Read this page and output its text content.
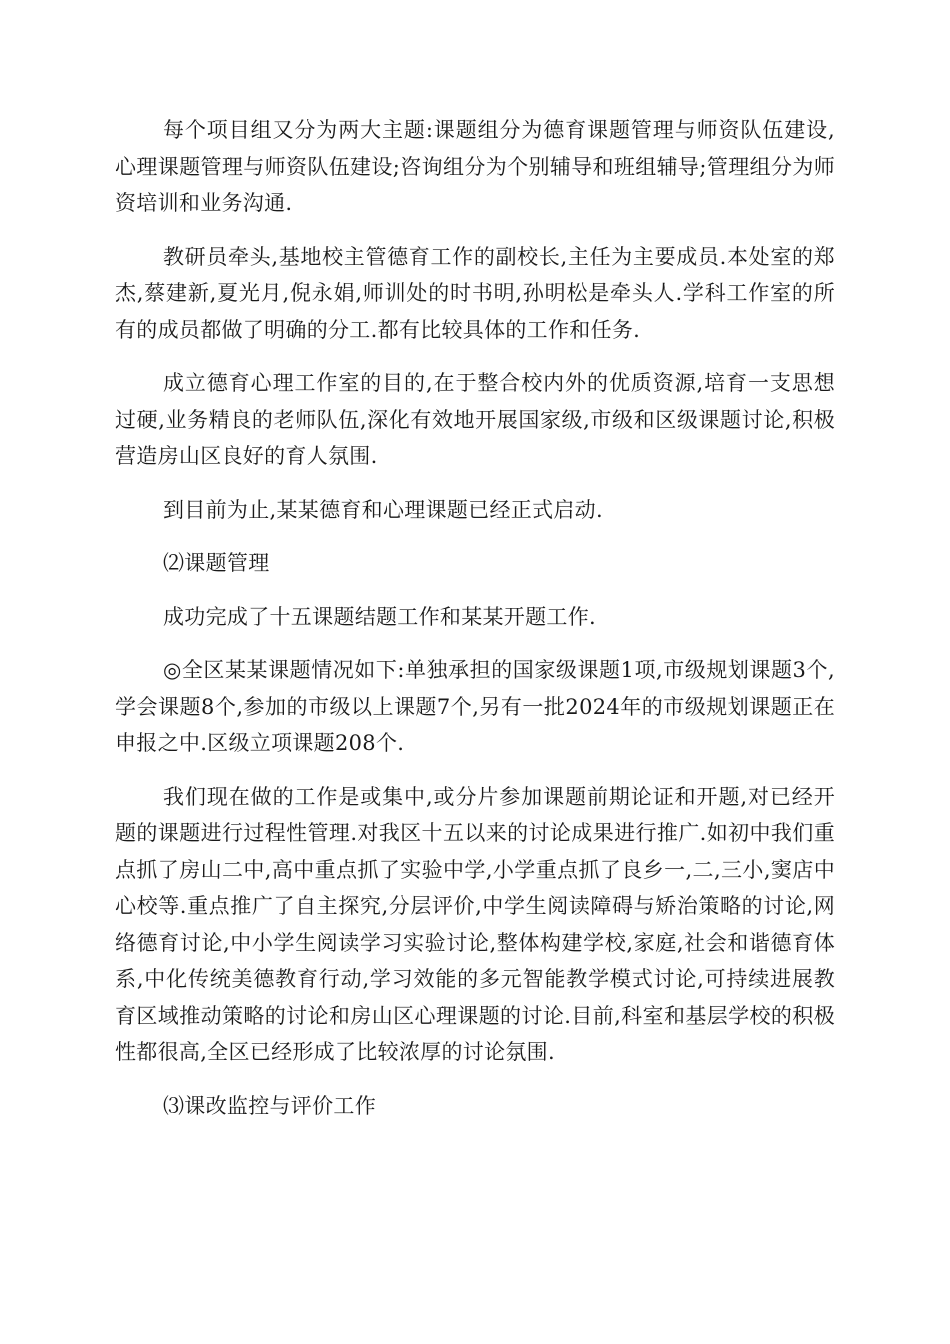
每个项目组又分为两大主题:课题组分为德育课题管理与师资队伍建设,心理课题管理与师资队伍建设;咨询组分为个别辅导和班组辅导;管理组分为师资培训和业务沟通.

教研员牵头,基地校主管德育工作的副校长,主任为主要成员.本处室的郑杰,蔡建新,夏光月,倪永娟,师训处的时书明,孙明松是牵头人.学科工作室的所有的成员都做了明确的分工.都有比较具体的工作和任务.

成立德育心理工作室的目的,在于整合校内外的优质资源,培育一支思想过硬,业务精良的老师队伍,深化有效地开展国家级,市级和区级课题讨论,积极营造房山区良好的育人氛围.

到目前为止,某某德育和心理课题已经正式启动.

⑵课题管理

成功完成了十五课题结题工作和某某开题工作.

◎全区某某课题情况如下:单独承担的国家级课题1项,市级规划课题3个,学会课题8个,参加的市级以上课题7个,另有一批2024年的市级规划课题正在申报之中.区级立项课题208个.

我们现在做的工作是或集中,或分片参加课题前期论证和开题,对已经开题的课题进行过程性管理.对我区十五以来的讨论成果进行推广.如初中我们重点抓了房山二中,高中重点抓了实验中学,小学重点抓了良乡一,二,三小,窦店中心校等.重点推广了自主探究,分层评价,中学生阅读障碍与矫治策略的讨论,网络德育讨论,中小学生阅读学习实验讨论,整体构建学校,家庭,社会和谐德育体系,中化传统美德教育行动,学习效能的多元智能教学模式讨论,可持续进展教育区域推动策略的讨论和房山区心理课题的讨论.目前,科室和基层学校的积极性都很高,全区已经形成了比较浓厚的讨论氛围.

⑶课改监控与评价工作
